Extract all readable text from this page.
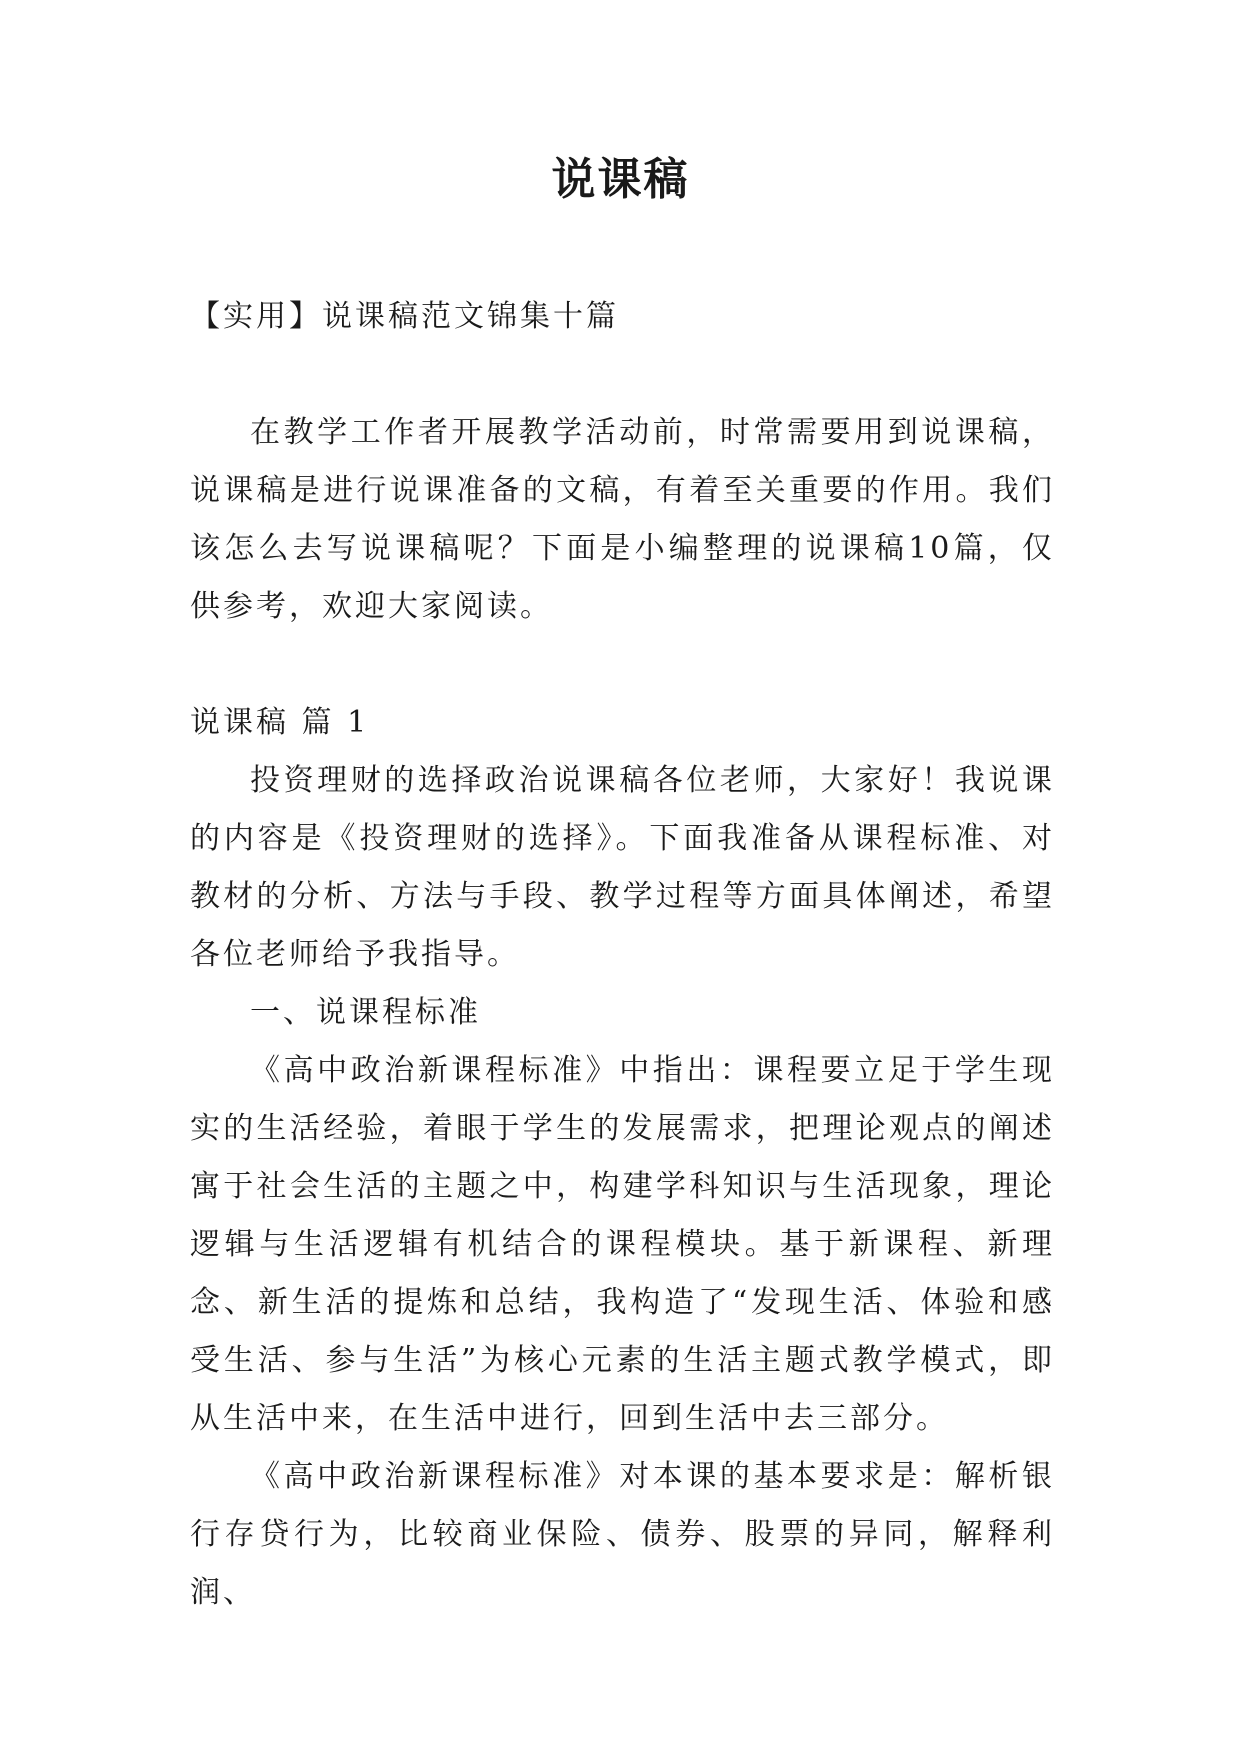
说课稿

【实用】说课稿范文锦集十篇

在教学工作者开展教学活动前，时常需要用到说课稿，说课稿是进行说课准备的文稿，有着至关重要的作用。我们该怎么去写说课稿呢？下面是小编整理的说课稿10篇，仅供参考，欢迎大家阅读。

说课稿 篇 1

投资理财的选择政治说课稿各位老师，大家好！我说课的内容是《投资理财的选择》。下面我准备从课程标准、对教材的分析、方法与手段、教学过程等方面具体阐述，希望各位老师给予我指导。

一、说课程标准

《高中政治新课程标准》中指出：课程要立足于学生现实的生活经验，着眼于学生的发展需求，把理论观点的阐述寓于社会生活的主题之中，构建学科知识与生活现象，理论逻辑与生活逻辑有机结合的课程模块。基于新课程、新理念、新生活的提炼和总结，我构造了“发现生活、体验和感受生活、参与生活”为核心元素的生活主题式教学模式，即从生活中来，在生活中进行，回到生活中去三部分。

《高中政治新课程标准》对本课的基本要求是：解析银行存贷行为，比较商业保险、债券、股票的异同，解释利润、
